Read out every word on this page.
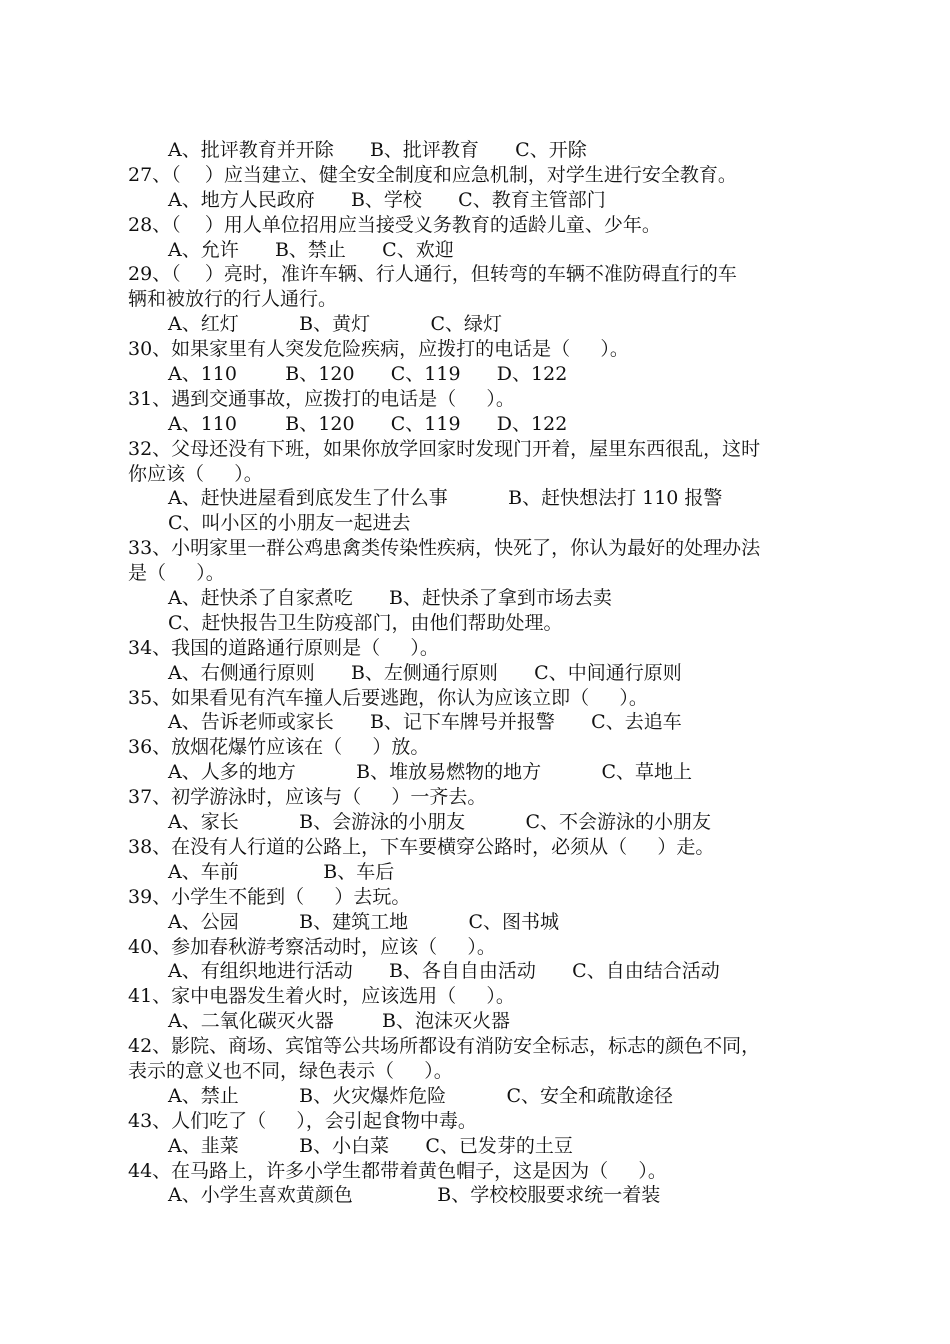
A、批评教育并开除      B、批评教育      C、开除
27、（    ）应当建立、健全安全制度和应急机制，对学生进行安全教育。
A、地方人民政府      B、学校      C、教育主管部门
28、（    ）用人单位招用应当接受义务教育的适龄儿童、少年。
A、允许      B、禁止      C、欢迎
29、（    ）亮时，准许车辆、行人通行，但转弯的车辆不准防碍直行的车
辆和被放行的行人通行。
A、红灯          B、黄灯          C、绿灯
30、如果家里有人突发危险疾病，应拨打的电话是（     ）。
A、110        B、120      C、119      D、122
31、遇到交通事故，应拨打的电话是（     ）。
A、110        B、120      C、119      D、122
32、父母还没有下班，如果你放学回家时发现门开着，屋里东西很乱，这时
你应该（     ）。
A、赶快进屋看到底发生了什么事          B、赶快想法打 110 报警
C、叫小区的小朋友一起进去
33、小明家里一群公鸡患禽类传染性疾病，快死了，你认为最好的处理办法
是（     ）。
A、赶快杀了自家煮吃      B、赶快杀了拿到市场去卖
C、赶快报告卫生防疫部门，由他们帮助处理。
34、我国的道路通行原则是（     ）。
A、右侧通行原则      B、左侧通行原则      C、中间通行原则
35、如果看见有汽车撞人后要逃跑，你认为应该立即（     ）。
A、告诉老师或家长      B、记下车牌号并报警      C、去追车
36、放烟花爆竹应该在（     ）放。
A、人多的地方          B、堆放易燃物的地方          C、草地上
37、初学游泳时，应该与（     ）一齐去。
A、家长          B、会游泳的小朋友          C、不会游泳的小朋友
38、在没有人行道的公路上，下车要横穿公路时，必须从（     ）走。
A、车前              B、车后
39、小学生不能到（     ）去玩。
A、公园          B、建筑工地          C、图书城
40、参加春秋游考察活动时，应该（     ）。
A、有组织地进行活动      B、各自自由活动      C、自由结合活动
41、家中电器发生着火时，应该选用（     ）。
A、二氧化碳灭火器        B、泡沫灭火器
42、影院、商场、宾馆等公共场所都设有消防安全标志，标志的颜色不同，
表示的意义也不同，绿色表示（     ）。
A、禁止          B、火灾爆炸危险          C、安全和疏散途径
43、人们吃了（     ），会引起食物中毒。
A、韭菜          B、小白菜      C、已发芽的土豆
44、在马路上，许多小学生都带着黄色帽子，这是因为（     ）。
A、小学生喜欢黄颜色              B、学校校服要求统一着装
